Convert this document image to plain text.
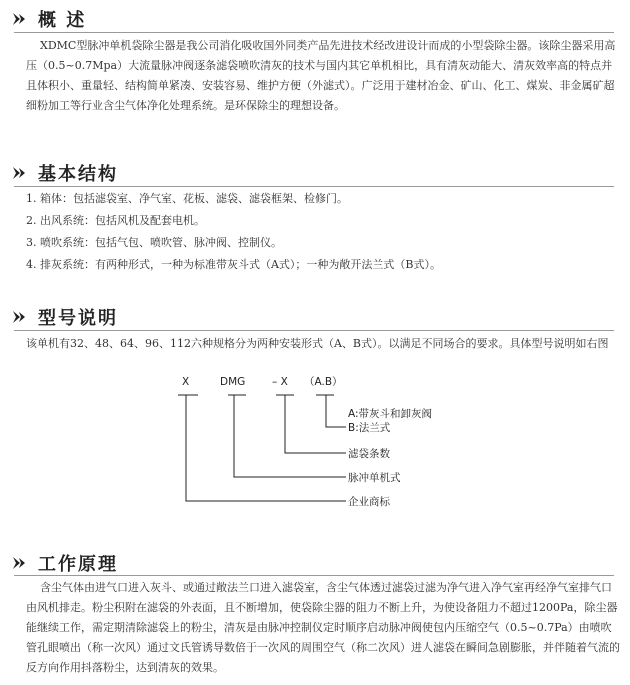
概 述
XDMC型脉冲单机袋除尘器是我公司消化吸收国外同类产品先进技术经改进设计而成的小型袋除尘器。该除尘器采用高压（0.5~0.7Mpa）大流量脉冲阀逐条滤袋喷吹清灰的技术与国内其它单机相比，具有清灰动能大、清灰效率高的特点并且体积小、重量轻、结构简单紧凑、安装容易、维护方便（外滤式）。广泛用于建材冶金、矿山、化工、煤炭、非金属矿超细粉加工等行业含尘气体净化处理系统。是环保除尘的理想设备。
基本结构
1. 箱体：包括滤袋室、净气室、花板、滤袋、滤袋框架、检修门。
2. 出风系统：包括风机及配套电机。
3. 喷吹系统：包括气包、喷吹管、脉冲阀、控制仪。
4. 排灰系统：有两种形式，一种为标准带灰斗式（A式）；一种为敞开法兰式（B式）。
型号说明
该单机有32、48、64、96、112六种规格分为两种安装形式（A、B式）。以满足不同场合的要求。具体型号说明如右图
X	DMG	– X （A.B）
A:带灰斗和卸灰阀
B:法兰式
滤袋条数
脉冲单机式
企业商标
工作原理
含尘气体由进气口进入灰斗、或通过敞法兰口进入滤袋室，含尘气体透过滤袋过滤为净气进入净气室再经净气室排气口由风机排走。粉尘积附在滤袋的外表面，且不断增加，使袋除尘器的阻力不断上升，为使设备阻力不超过1200Pa，除尘器能继续工作，需定期清除滤袋上的粉尘，清灰是由脉冲控制仪定时顺序启动脉冲阀使包内压缩空气（0.5~0.7Pa）由喷吹管孔眼喷出（称一次风）通过文氏管诱导数倍于一次风的周围空气（称二次风）进人滤袋在瞬间急剧膨胀，并伴随着气流的反方向作用抖落粉尘，达到清灰的效果。
